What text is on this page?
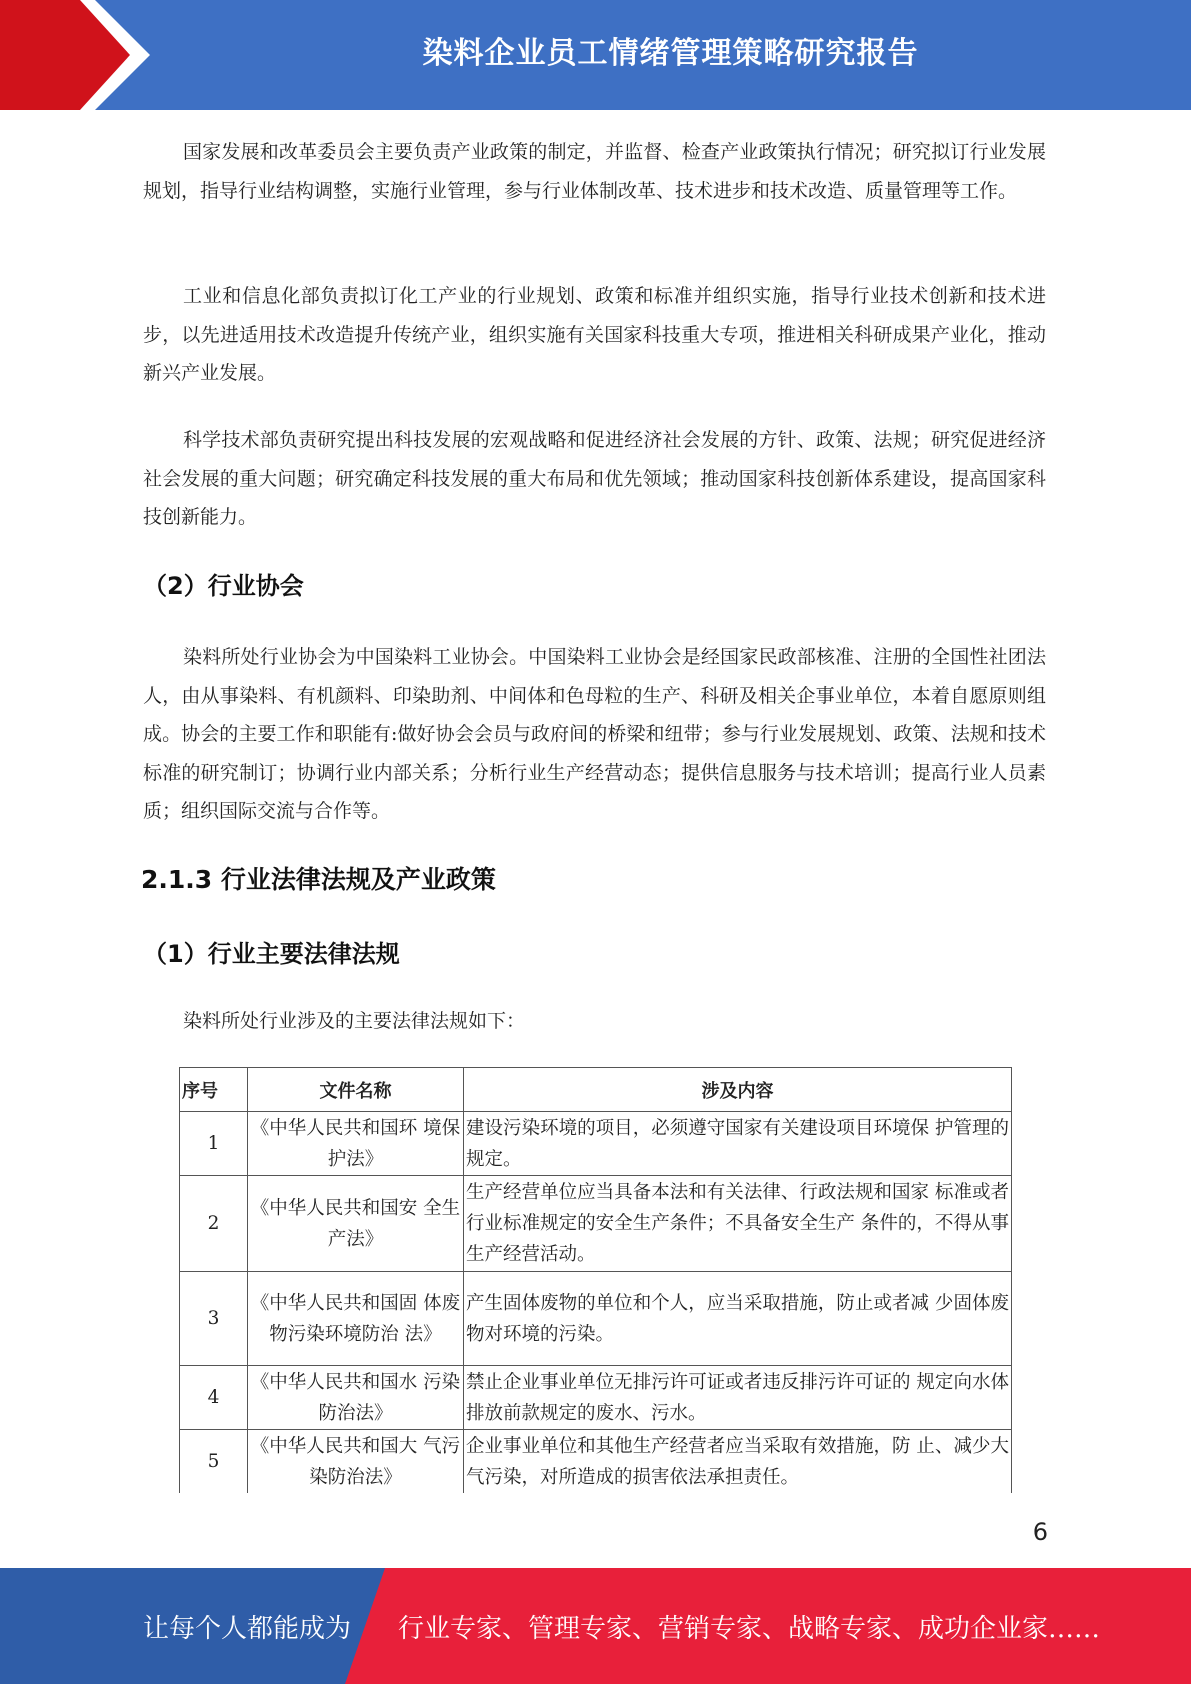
染料企业员工情绪管理策略研究报告

国家发展和改革委员会主要负责产业政策的制定，并监督、检查产业政策执行情况；研究拟订行业发展规划，指导行业结构调整，实施行业管理，参与行业体制改革、技术进步和技术改造、质量管理等工作。

工业和信息化部负责拟订化工产业的行业规划、政策和标准并组织实施，指导行业技术创新和技术进步，以先进适用技术改造提升传统产业，组织实施有关国家科技重大专项，推进相关科研成果产业化，推动新兴产业发展。

科学技术部负责研究提出科技发展的宏观战略和促进经济社会发展的方针、政策、法规；研究促进经济社会发展的重大问题；研究确定科技发展的重大布局和优先领域；推动国家科技创新体系建设，提高国家科技创新能力。

（2）行业协会

染料所处行业协会为中国染料工业协会。中国染料工业协会是经国家民政部核准、注册的全国性社团法人，由从事染料、有机颜料、印染助剂、中间体和色母粒的生产、科研及相关企事业单位，本着自愿原则组成。协会的主要工作和职能有:做好协会会员与政府间的桥梁和纽带；参与行业发展规划、政策、法规和技术标准的研究制订；协调行业内部关系；分析行业生产经营动态；提供信息服务与技术培训；提高行业人员素质；组织国际交流与合作等。

2.1.3 行业法律法规及产业政策
（1）行业主要法律法规

染料所处行业涉及的主要法律法规如下：

序号	文件名称	涉及内容
1	《中华人民共和国环 境保护法》	建设污染环境的项目，必须遵守国家有关建设项目环境保 护管理的规定。
2	《中华人民共和国安 全生产法》	生产经营单位应当具备本法和有关法律、行政法规和国家 标准或者行业标准规定的安全生产条件；不具备安全生产 条件的，不得从事生产经营活动。
3	《中华人民共和国固 体废物污染环境防治 法》	产生固体废物的单位和个人，应当采取措施，防止或者减 少固体废物对环境的污染。
4	《中华人民共和国水 污染防治法》	禁止企业事业单位无排污许可证或者违反排污许可证的 规定向水体排放前款规定的废水、污水。
5	《中华人民共和国大 气污染防治法》	企业事业单位和其他生产经营者应当采取有效措施，防 止、减少大气污染，对所造成的损害依法承担责任。
6
让每个人都能成为 行业专家、管理专家、营销专家、战略专家、成功企业家……
